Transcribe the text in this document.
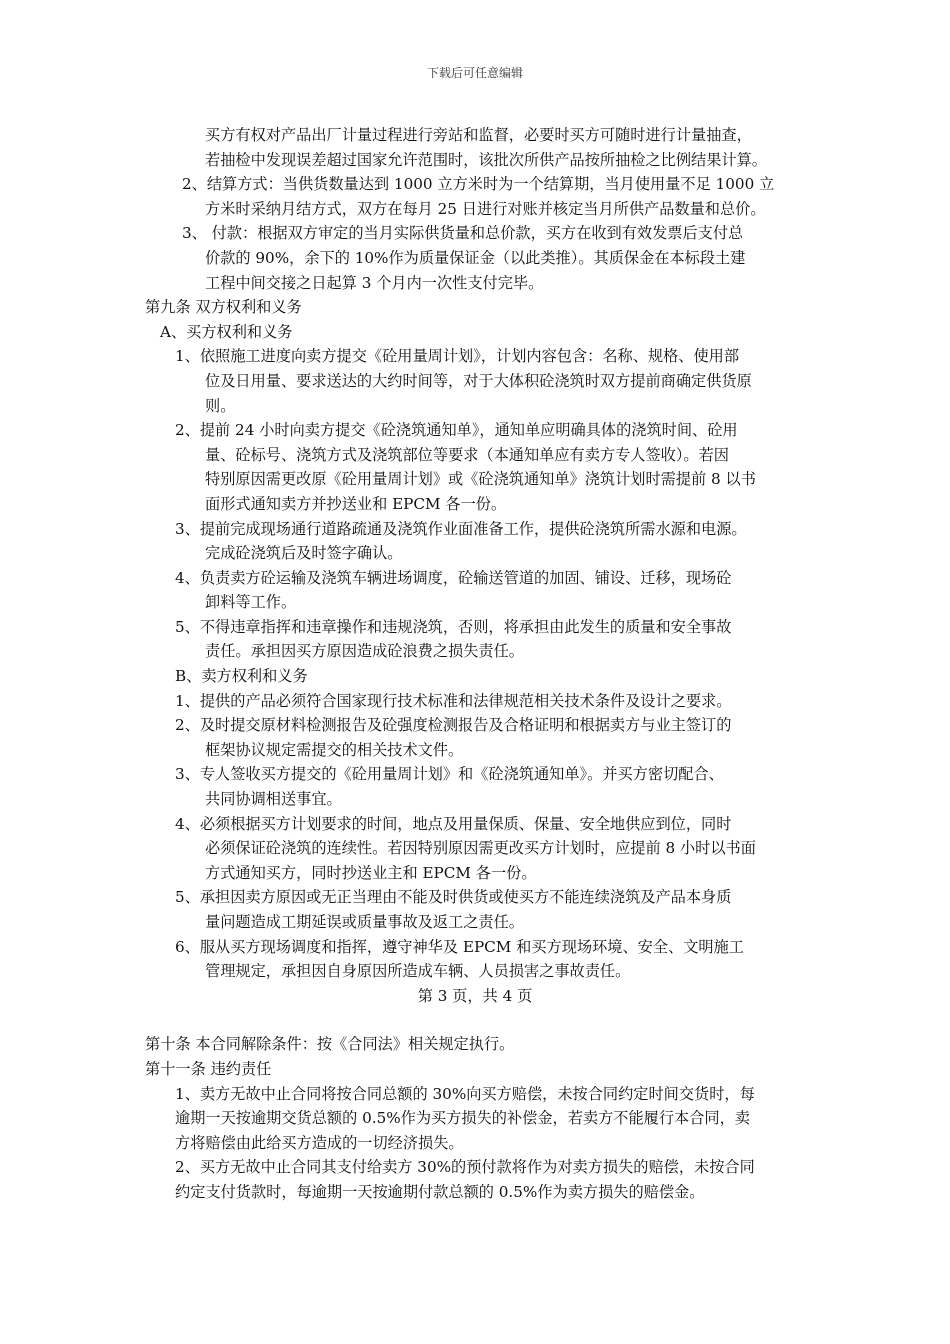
下载后可任意编辑
买方有权对产品出厂计量过程进行旁站和监督，必要时买方可随时进行计量抽查，
若抽检中发现误差超过国家允许范围时，该批次所供产品按所抽检之比例结果计算。
2、结算方式：当供货数量达到 1000 立方米时为一个结算期，当月使用量不足 1000 立
方米时采纳月结方式，双方在每月 25 日进行对账并核定当月所供产品数量和总价。
3、 付款：根据双方审定的当月实际供货量和总价款，买方在收到有效发票后支付总
价款的 90%，余下的 10%作为质量保证金（以此类推）。其质保金在本标段土建
工程中间交接之日起算 3 个月内一次性支付完毕。
第九条 双方权利和义务
A、买方权利和义务
1、依照施工进度向卖方提交《砼用量周计划》，计划内容包含：名称、规格、使用部
位及日用量、要求送达的大约时间等，对于大体积砼浇筑时双方提前商确定供货原
则。
2、提前 24 小时向卖方提交《砼浇筑通知单》，通知单应明确具体的浇筑时间、砼用
量、砼标号、浇筑方式及浇筑部位等要求（本通知单应有卖方专人签收）。若因
特别原因需更改原《砼用量周计划》或《砼浇筑通知单》浇筑计划时需提前 8 以书
面形式通知卖方并抄送业和 EPCM 各一份。
3、提前完成现场通行道路疏通及浇筑作业面准备工作，提供砼浇筑所需水源和电源。
完成砼浇筑后及时签字确认。
4、负责卖方砼运输及浇筑车辆进场调度，砼输送管道的加固、铺设、迁移，现场砼
卸料等工作。
5、不得违章指挥和违章操作和违规浇筑，否则，将承担由此发生的质量和安全事故
责任。承担因买方原因造成砼浪费之损失责任。
B、卖方权利和义务
1、提供的产品必须符合国家现行技术标准和法律规范相关技术条件及设计之要求。
2、及时提交原材料检测报告及砼强度检测报告及合格证明和根据卖方与业主签订的
框架协议规定需提交的相关技术文件。
3、专人签收买方提交的《砼用量周计划》和《砼浇筑通知单》。并买方密切配合、
共同协调相送事宜。
4、必须根据买方计划要求的时间，地点及用量保质、保量、安全地供应到位，同时
必须保证砼浇筑的连续性。若因特别原因需更改买方计划时，应提前 8 小时以书面
方式通知买方，同时抄送业主和 EPCM 各一份。
5、承担因卖方原因或无正当理由不能及时供货或使买方不能连续浇筑及产品本身质
量问题造成工期延误或质量事故及返工之责任。
6、服从买方现场调度和指挥，遵守神华及 EPCM 和买方现场环境、安全、文明施工
管理规定，承担因自身原因所造成车辆、人员损害之事故责任。
第 3 页，共 4 页
第十条 本合同解除条件：按《合同法》相关规定执行。
第十一条 违约责任
1、卖方无故中止合同将按合同总额的 30%向买方赔偿，未按合同约定时间交货时，每
逾期一天按逾期交货总额的 0.5%作为买方损失的补偿金，若卖方不能履行本合同，卖
方将赔偿由此给买方造成的一切经济损失。
2、买方无故中止合同其支付给卖方 30%的预付款将作为对卖方损失的赔偿，未按合同
约定支付货款时，每逾期一天按逾期付款总额的 0.5%作为卖方损失的赔偿金。
